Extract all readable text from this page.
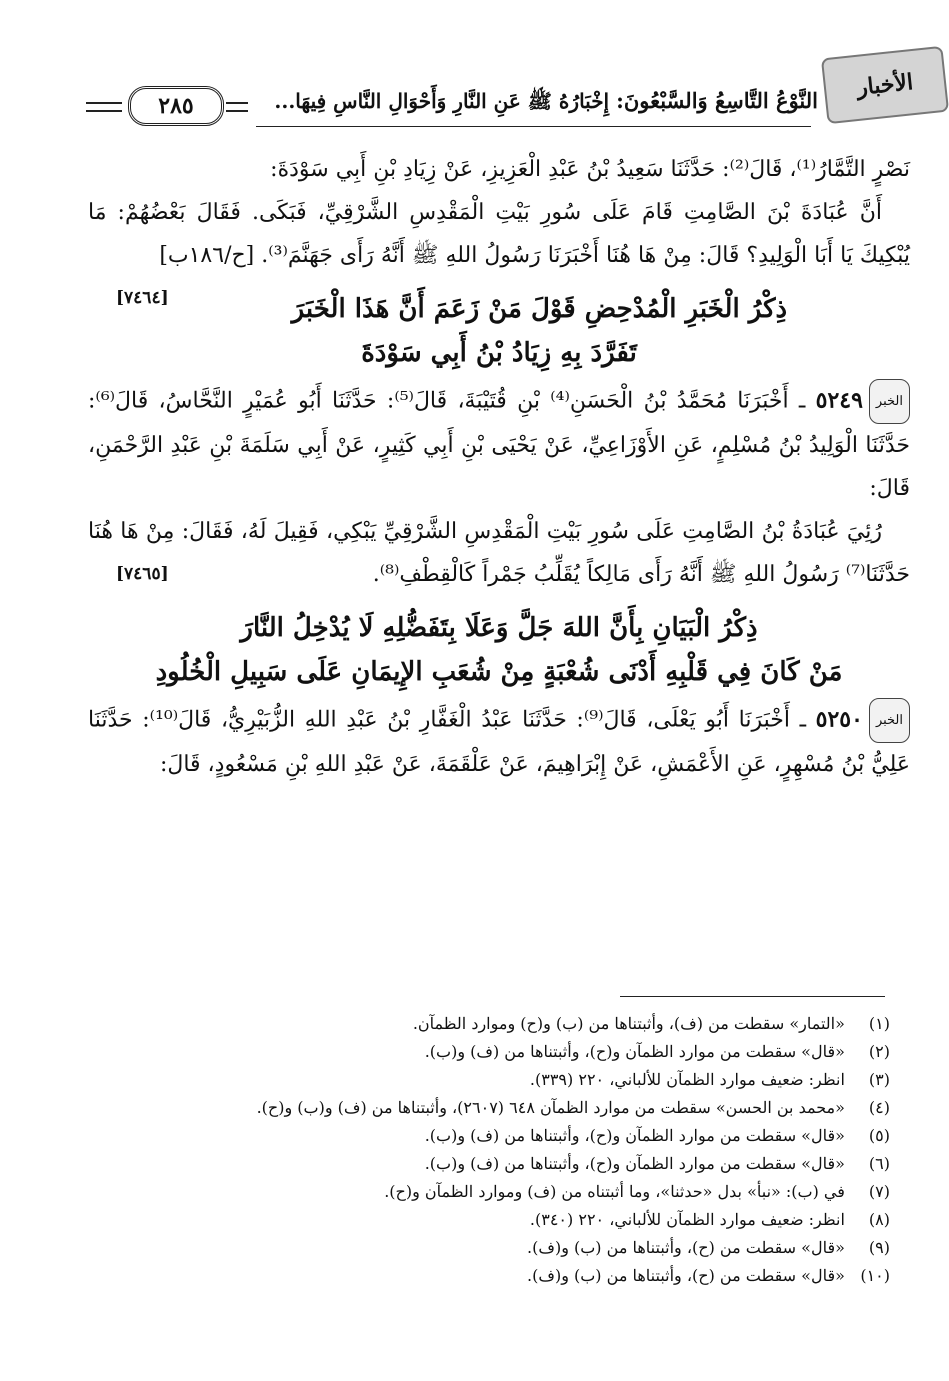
الأخبار
النَّوْعُ التَّاسِعُ وَالسَّبْعُونَ: إِخْبَارُهُ ﷺ عَنِ النَّارِ وَأَحْوَالِ النَّاسِ فِيهَا...
٢٨٥

نَصْرٍ التَّمَّارُ⁽¹⁾، قَالَ⁽²⁾: حَدَّثَنَا سَعِيدُ بْنُ عَبْدِ الْعَزِيزِ، عَنْ زِيَادِ بْنِ أَبِي سَوْدَةَ:

أَنَّ عُبَادَةَ بْنَ الصَّامِتِ قَامَ عَلَى سُورِ بَيْتِ الْمَقْدِسِ الشَّرْقِيِّ، فَبَكَى. فَقَالَ بَعْضُهُمْ: مَا يُبْكِيكَ يَا أَبَا الْوَلِيدِ؟ قَالَ: مِنْ هَا هُنَا أَخْبَرَنَا رَسُولُ اللهِ ﷺ أَنَّهُ رَأَى جَهَنَّمَ⁽³⁾. [ح/١٨٦ب]
[٧٤٦٤]	ذِكْرُ الْخَبَرِ الْمُدْحِضِ قَوْلَ مَنْ زَعَمَ أَنَّ هَذَا الْخَبَرَ
تَفَرَّدَ بِهِ زِيَادُ بْنُ أَبِي سَوْدَةَ

الخبر٥٢٤٩ ـ أَخْبَرَنَا مُحَمَّدُ بْنُ الْحَسَنِ⁽⁴⁾ بْنِ قُتَيْبَةَ، قَالَ⁽⁵⁾: حَدَّثَنَا أَبُو عُمَيْرٍ النَّحَّاسُ، قَالَ⁽⁶⁾: حَدَّثَنَا الْوَلِيدُ بْنُ مُسْلِمٍ، عَنِ الأَوْزَاعِيِّ، عَنْ يَحْيَى بْنِ أَبِي كَثِيرٍ، عَنْ أَبِي سَلَمَةَ بْنِ عَبْدِ الرَّحْمَنِ، قَالَ:

رُئِيَ عُبَادَةُ بْنُ الصَّامِتِ عَلَى سُورِ بَيْتِ الْمَقْدِسِ الشَّرْقِيِّ يَبْكِي، فَقِيلَ لَهُ، فَقَالَ: مِنْ هَا هُنَا حَدَّثَنَا⁽⁷⁾ رَسُولُ اللهِ ﷺ أَنَّهُ رَأَى مَالِكاً يُقَلِّبُ جَمْراً كَالْقِطْفِ⁽⁸⁾.
[٧٤٦٥]

ذِكْرُ الْبَيَانِ بِأَنَّ اللهَ جَلَّ وَعَلَا بِتَفَضُّلِهِ لَا يُدْخِلُ النَّارَ
مَنْ كَانَ فِي قَلْبِهِ أَدْنَى شُعْبَةٍ مِنْ شُعَبِ الإِيمَانِ عَلَى سَبِيلِ الْخُلُودِ

الخبر٥٢٥٠ ـ أَخْبَرَنَا أَبُو يَعْلَى، قَالَ⁽⁹⁾: حَدَّثَنَا عَبْدُ الْغَفَّارِ بْنُ عَبْدِ اللهِ الزُّبَيْرِيُّ، قَالَ⁽¹⁰⁾: حَدَّثَنَا عَلِيُّ بْنُ مُسْهِرٍ، عَنِ الأَعْمَشِ، عَنْ إِبْرَاهِيمَ، عَنْ عَلْقَمَةَ، عَنْ عَبْدِ اللهِ بْنِ مَسْعُودٍ، قَالَ:

(١) «التمار» سقطت من (ف)، وأثبتناها من (ب) و(ح) وموارد الظمآن.

(٢) «قال» سقطت من موارد الظمآن و(ح)، وأثبتناها من (ف) و(ب).

(٣) انظر: ضعيف موارد الظمآن للألباني، ٢٢٠ (٣٣٩).

(٤) «محمد بن الحسن» سقطت من موارد الظمآن ٦٤٨ (٢٦٠٧)، وأثبتناها من (ف) و(ب) و(ح).

(٥) «قال» سقطت من موارد الظمآن و(ح)، وأثبتناها من (ف) و(ب).

(٦) «قال» سقطت من موارد الظمآن و(ح)، وأثبتناها من (ف) و(ب).

(٧) في (ب): «نبأ» بدل «حدثنا»، وما أثبتناه من (ف) وموارد الظمآن و(ح).

(٨) انظر: ضعيف موارد الظمآن للألباني، ٢٢٠ (٣٤٠).

(٩) «قال» سقطت من (ح)، وأثبتناها من (ب) و(ف).

(١٠) «قال» سقطت من (ح)، وأثبتناها من (ب) و(ف).
